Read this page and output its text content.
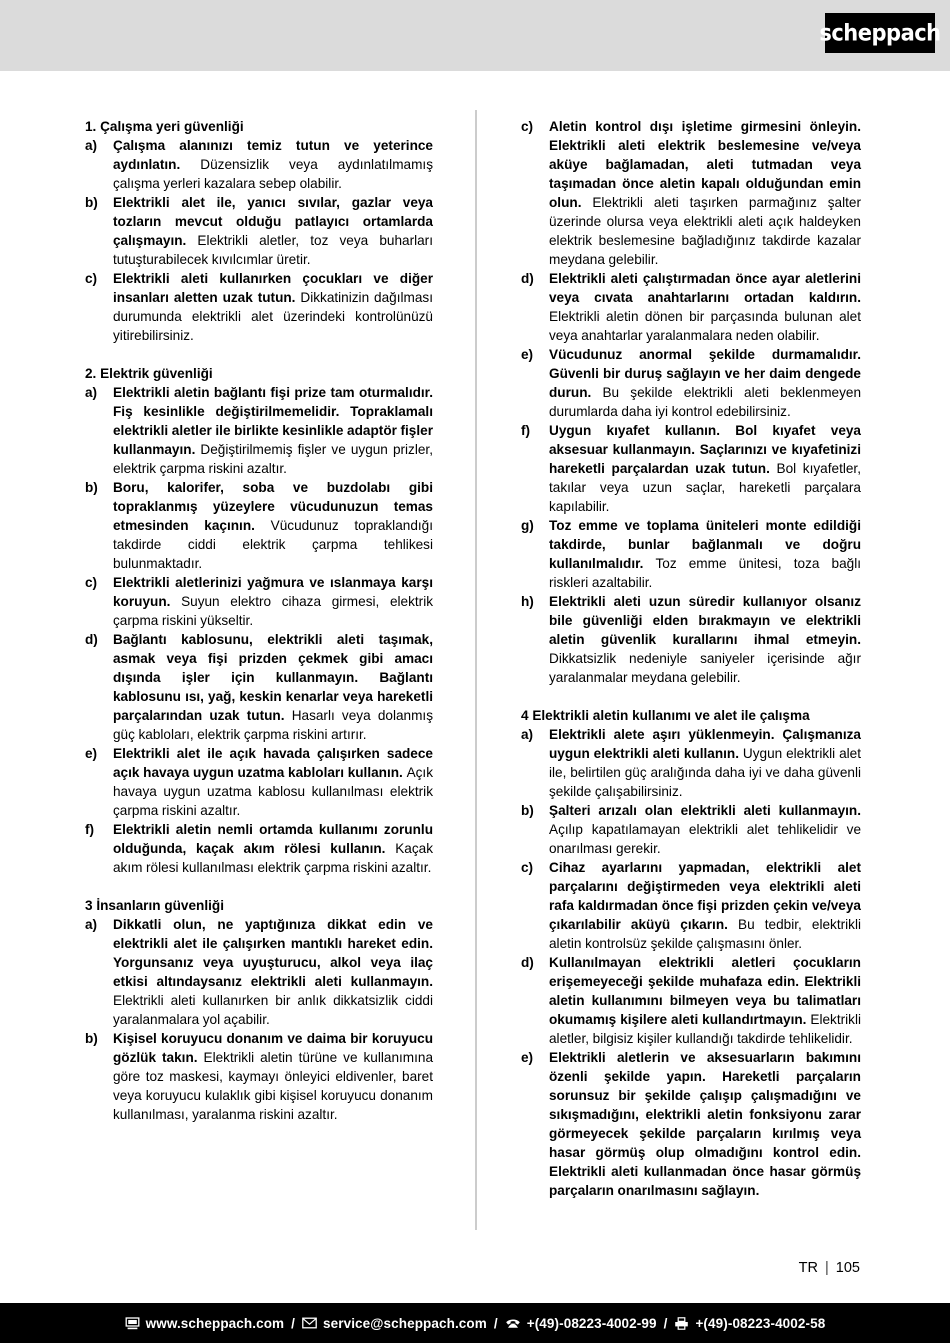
scheppach
1. Çalışma yeri güvenliği
a)	Çalışma alanınızı temiz tutun ve yeterince aydınlatın. Düzensizlik veya aydınlatılmamış çalışma yerleri kazalara sebep olabilir.

b)	Elektrikli alet ile, yanıcı sıvılar, gazlar veya tozların mevcut olduğu patlayıcı ortamlarda çalışmayın. Elektrikli aletler, toz veya buharları tutuşturabilecek kıvılcımlar üretir.

c)	Elektrikli aleti kullanırken çocukları ve diğer insanları aletten uzak tutun. Dikkatinizin dağılması durumunda elektrikli alet üzerindeki kontrolünüzü yitirebilirsiniz.

2. Elektrik güvenliği
a)	Elektrikli aletin bağlantı fişi prize tam oturmalıdır. Fiş kesinlikle değiştirilmemelidir. Topraklamalı elektrikli aletler ile birlikte kesinlikle adaptör fişler kullanmayın. Değiştirilmemiş fişler ve uygun prizler, elektrik çarpma riskini azaltır.

b)	Boru, kalorifer, soba ve buzdolabı gibi topraklanmış yüzeylere vücudunuzun temas etmesinden kaçının. Vücudunuz topraklandığı takdirde ciddi elektrik çarpma tehlikesi bulunmaktadır.

c)	Elektrikli aletlerinizi yağmura ve ıslanmaya karşı koruyun. Suyun elektro cihaza girmesi, elektrik çarpma riskini yükseltir.

d)	Bağlantı kablosunu, elektrikli aleti taşımak, asmak veya fişi prizden çekmek gibi amacı dışında işler için kullanmayın. Bağlantı kablosunu ısı, yağ, keskin kenarlar veya hareketli parçalarından uzak tutun. Hasarlı veya dolanmış güç kabloları, elektrik çarpma riskini artırır.

e)	Elektrikli alet ile açık havada çalışırken sadece açık havaya uygun uzatma kabloları kullanın. Açık havaya uygun uzatma kablosu kullanılması elektrik çarpma riskini azaltır.

f)	Elektrikli aletin nemli ortamda kullanımı zorunlu olduğunda, kaçak akım rölesi kullanın. Kaçak akım rölesi kullanılması elektrik çarpma riskini azaltır.

3 İnsanların güvenliği
a)	Dikkatli olun, ne yaptığınıza dikkat edin ve elektrikli alet ile çalışırken mantıklı hareket edin. Yorgunsanız veya uyuşturucu, alkol veya ilaç etkisi altındaysanız elektrikli aleti kullanmayın. Elektrikli aleti kullanırken bir anlık dikkatsizlik ciddi yaralanmalara yol açabilir.

b)	Kişisel koruyucu donanım ve daima bir koruyucu gözlük takın. Elektrikli aletin türüne ve kullanımına göre toz maskesi, kaymayı önleyici eldivenler, baret veya koruyucu kulaklık gibi kişisel koruyucu donanım kullanılması, yaralanma riskini azaltır.

c)	Aletin kontrol dışı işletime girmesini önleyin. Elektrikli aleti elektrik beslemesine ve/veya aküye bağlamadan, aleti tutmadan veya taşımadan önce aletin kapalı olduğundan emin olun. Elektrikli aleti taşırken parmağınız şalter üzerinde olursa veya elektrikli aleti açık haldeyken elektrik beslemesine bağladığınız takdirde kazalar meydana gelebilir.

d)	Elektrikli aleti çalıştırmadan önce ayar aletlerini veya cıvata anahtarlarını ortadan kaldırın. Elektrikli aletin dönen bir parçasında bulunan alet veya anahtarlar yaralanmalara neden olabilir.

e)	Vücudunuz anormal şekilde durmamalıdır. Güvenli bir duruş sağlayın ve her daim dengede durun. Bu şekilde elektrikli aleti beklenmeyen durumlarda daha iyi kontrol edebilirsiniz.

f)	Uygun kıyafet kullanın. Bol kıyafet veya aksesuar kullanmayın. Saçlarınızı ve kıyafetinizi hareketli parçalardan uzak tutun. Bol kıyafetler, takılar veya uzun saçlar, hareketli parçalara kapılabilir.

g)	Toz emme ve toplama üniteleri monte edildiği takdirde, bunlar bağlanmalı ve doğru kullanılmalıdır. Toz emme ünitesi, toza bağlı riskleri azaltabilir.

h)	Elektrikli aleti uzun süredir kullanıyor olsanız bile güvenliği elden bırakmayın ve elektrikli aletin güvenlik kurallarını ihmal etmeyin. Dikkatsizlik nedeniyle saniyeler içerisinde ağır yaralanmalar meydana gelebilir.

4 Elektrikli aletin kullanımı ve alet ile çalışma
a)	Elektrikli alete aşırı yüklenmeyin. Çalışmanıza uygun elektrikli aleti kullanın. Uygun elektrikli alet ile, belirtilen güç aralığında daha iyi ve daha güvenli şekilde çalışabilirsiniz.

b)	Şalteri arızalı olan elektrikli aleti kullanmayın. Açılıp kapatılamayan elektrikli alet tehlikelidir ve onarılması gerekir.

c)	Cihaz ayarlarını yapmadan, elektrikli alet parçalarını değiştirmeden veya elektrikli aleti rafa kaldırmadan önce fişi prizden çekin ve/veya çıkarılabilir aküyü çıkarın. Bu tedbir, elektrikli aletin kontrolsüz şekilde çalışmasını önler.

d)	Kullanılmayan elektrikli aletleri çocukların erişemeyeceği şekilde muhafaza edin. Elektrikli aletin kullanımını bilmeyen veya bu talimatları okumamış kişilere aleti kullandırtmayın. Elektrikli aletler, bilgisiz kişiler kullandığı takdirde tehlikelidir.

e)	Elektrikli aletlerin ve aksesuarların bakımını özenli şekilde yapın. Hareketli parçaların sorunsuz bir şekilde çalışıp çalışmadığını ve sıkışmadığını, elektrikli aletin fonksiyonu zarar görmeyecek şekilde parçaların kırılmış veya hasar görmüş olup olmadığını kontrol edin. Elektrikli aleti kullanmadan önce hasar görmüş parçaların onarılmasını sağlayın.

TR | 105
www.scheppach.com /	service@scheppach.com /	+(49)-08223-4002-99 /	+(49)-08223-4002-58
